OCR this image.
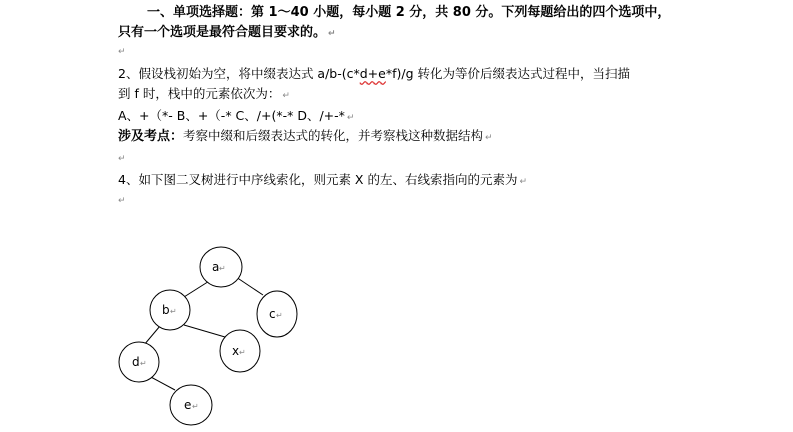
一、单项选择题：第 1～40 小题，每小题 2 分，共 80 分。下列每题给出的四个选项中，
只有一个选项是最符合题目要求的。 ↵
↵
2、假设栈初始为空，将中缀表达式 a/b-(c*d+e*f)/g 转化为等价后缀表达式过程中，当扫描
到 f 时，栈中的元素依次为： ↵
A、+（*- B、+（-* C、/+(*-* D、/+-* ↵
涉及考点：考察中缀和后缀表达式的转化，并考察栈这种数据结构 ↵
↵
4、如下图二叉树进行中序线索化，则元素 X 的左、右线索指向的元素为 ↵
↵
a ↵
b ↵	c ↵
x ↵
d ↵
e ↵
